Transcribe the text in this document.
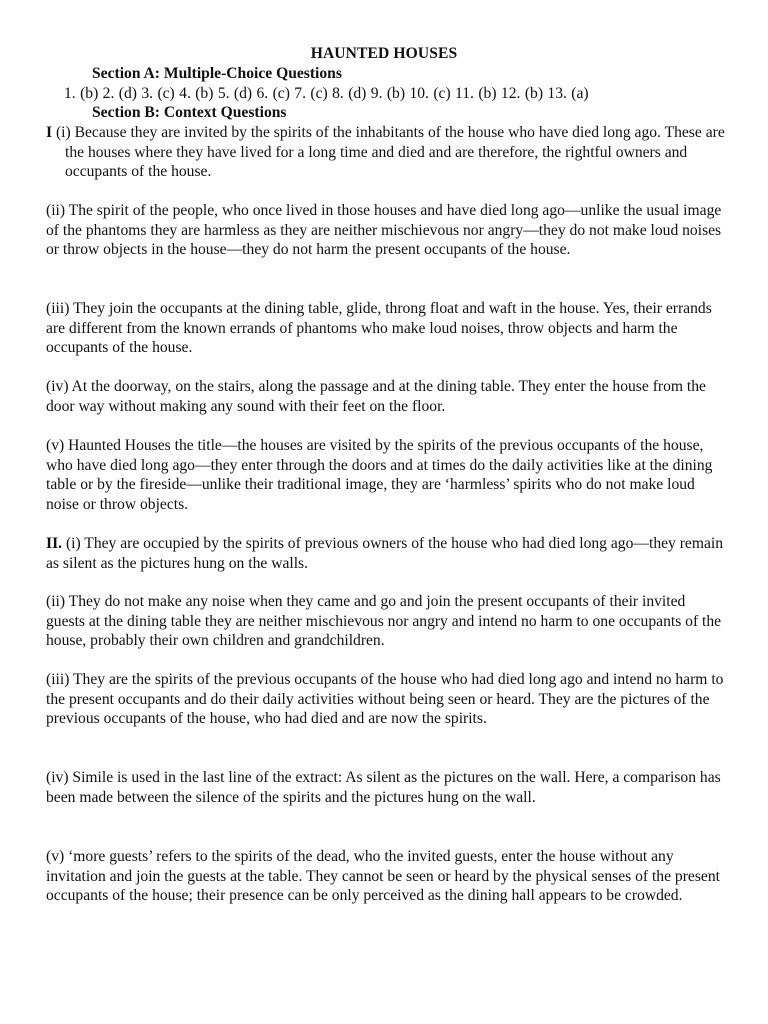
HAUNTED HOUSES
Section A: Multiple-Choice Questions
1. (b) 2. (d) 3. (c) 4. (b) 5. (d) 6. (c) 7. (c) 8. (d) 9. (b) 10. (c) 11. (b) 12. (b) 13. (a)
Section B: Context Questions

I (i) Because they are invited by the spirits of the inhabitants of the house who have died long ago. These are the houses where they have lived for a long time and died and are therefore, the rightful owners and occupants of the house.

(ii) The spirit of the people, who once lived in those houses and have died long ago—unlike the usual image of the phantoms they are harmless as they are neither mischievous nor angry—they do not make loud noises or throw objects in the house—they do not harm the present occupants of the house.

(iii) They join the occupants at the dining table, glide, throng float and waft in the house. Yes, their errands are different from the known errands of phantoms who make loud noises, throw objects and harm the occupants of the house.

(iv) At the doorway, on the stairs, along the passage and at the dining table. They enter the house from the door way without making any sound with their feet on the floor.

(v) Haunted Houses the title—the houses are visited by the spirits of the previous occupants of the house, who have died long ago—they enter through the doors and at times do the daily activities like at the dining table or by the fireside—unlike their traditional image, they are ‘harmless’ spirits who do not make loud noise or throw objects.

II. (i) They are occupied by the spirits of previous owners of the house who had died long ago—they remain as silent as the pictures hung on the walls.

(ii) They do not make any noise when they came and go and join the present occupants of their invited guests at the dining table they are neither mischievous nor angry and intend no harm to one occupants of the house, probably their own children and grandchildren.

(iii) They are the spirits of the previous occupants of the house who had died long ago and intend no harm to the present occupants and do their daily activities without being seen or heard. They are the pictures of the previous occupants of the house, who had died and are now the spirits.

(iv) Simile is used in the last line of the extract: As silent as the pictures on the wall. Here, a comparison has been made between the silence of the spirits and the pictures hung on the wall.

(v) ‘more guests’ refers to the spirits of the dead, who the invited guests, enter the house without any invitation and join the guests at the table. They cannot be seen or heard by the physical senses of the present occupants of the house; their presence can be only perceived as the dining hall appears to be crowded.
